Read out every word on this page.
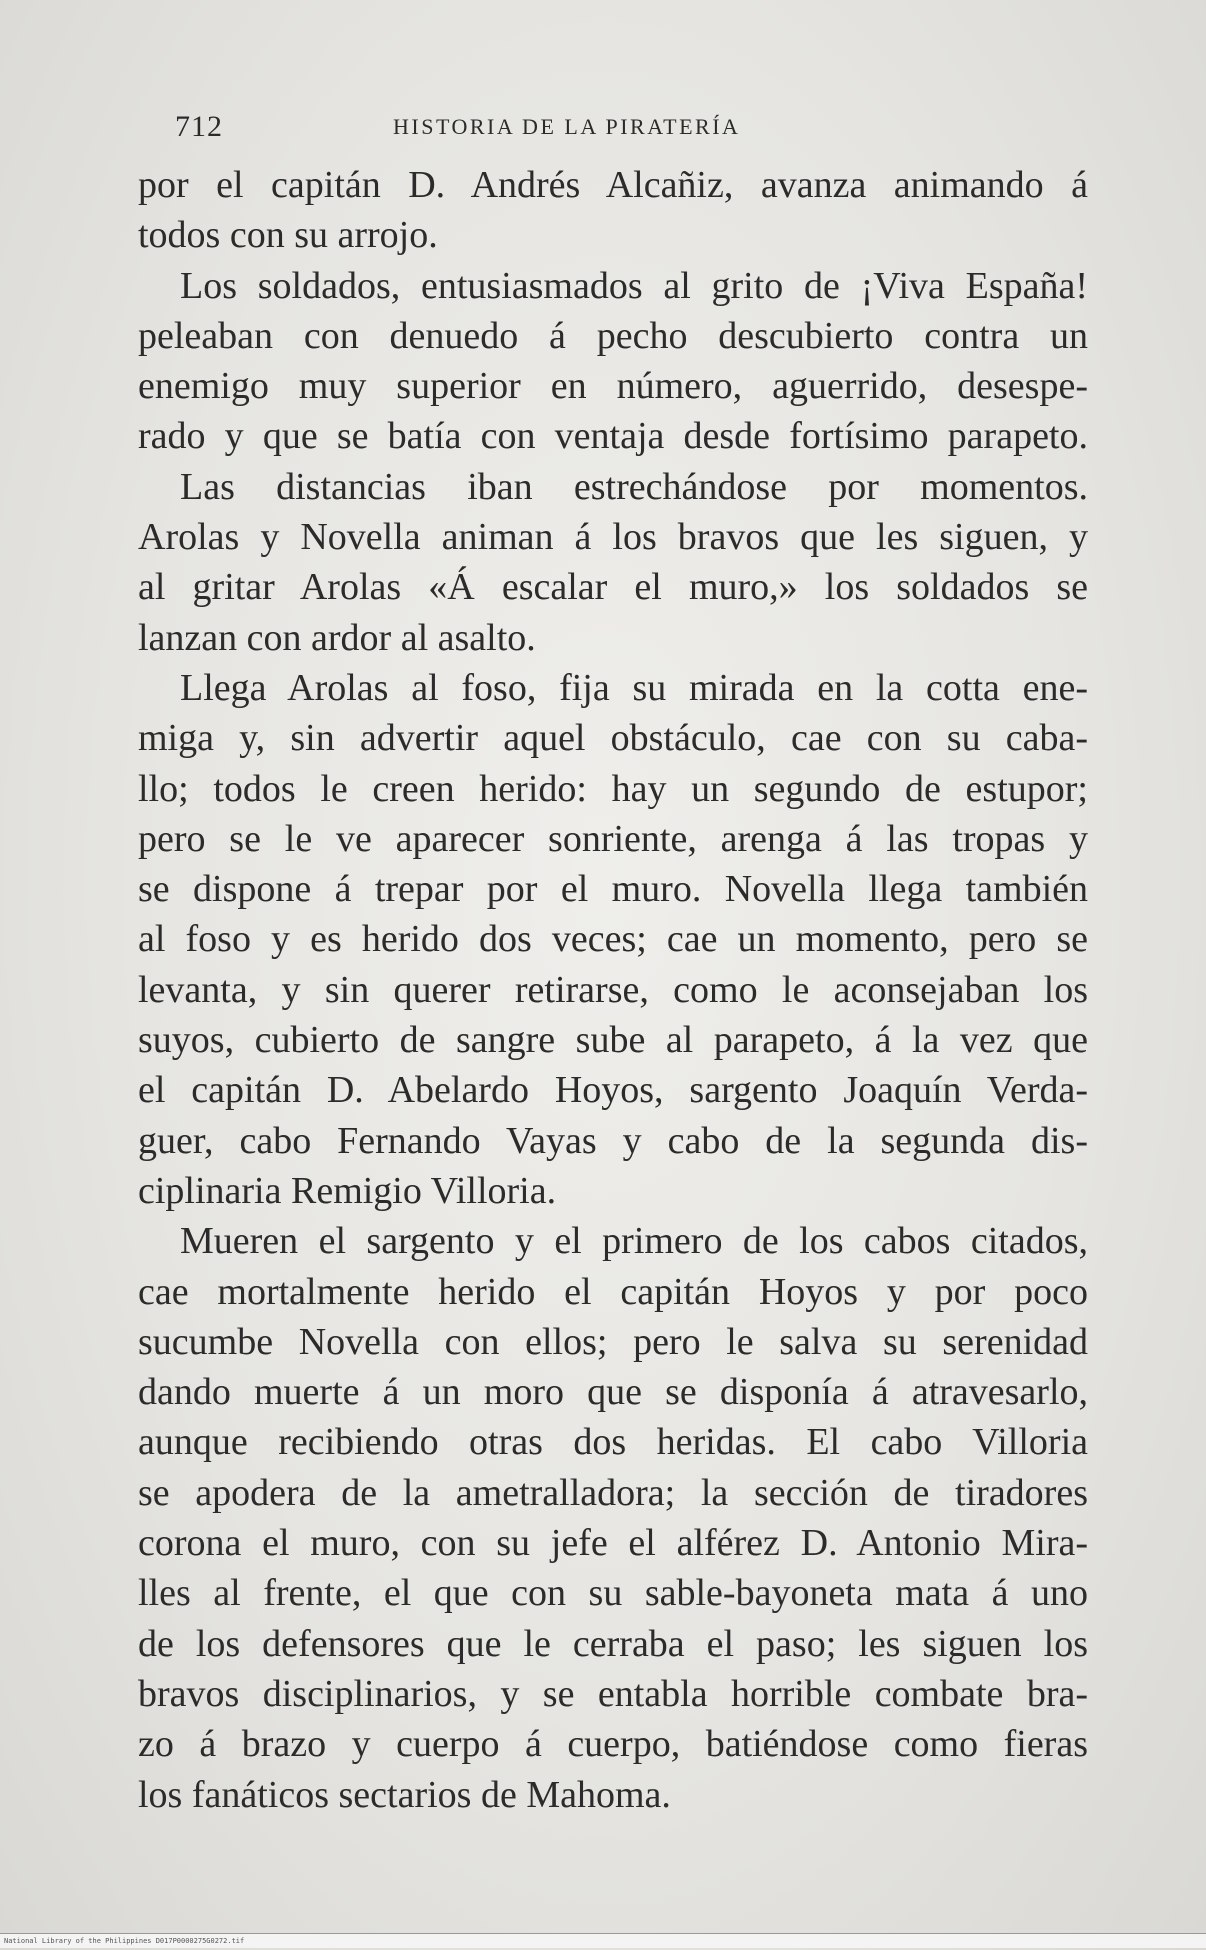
712	HISTORIA DE LA PIRATERÍA
por el capitán D. Andrés Alcañiz, avanza animando á
todos con su arrojo.
Los soldados, entusiasmados al grito de ¡Viva España!
peleaban con denuedo á pecho descubierto contra un
enemigo muy superior en número, aguerrido, desespe-
rado y que se batía con ventaja desde fortísimo parapeto.
Las distancias iban estrechándose por momentos.
Arolas y Novella animan á los bravos que les siguen, y
al gritar Arolas «Á escalar el muro,» los soldados se
lanzan con ardor al asalto.
Llega Arolas al foso, fija su mirada en la cotta ene-
miga y, sin advertir aquel obstáculo, cae con su caba-
llo; todos le creen herido: hay un segundo de estupor;
pero se le ve aparecer sonriente, arenga á las tropas y
se dispone á trepar por el muro. Novella llega también
al foso y es herido dos veces; cae un momento, pero se
levanta, y sin querer retirarse, como le aconsejaban los
suyos, cubierto de sangre sube al parapeto, á la vez que
el capitán D. Abelardo Hoyos, sargento Joaquín Verda-
guer, cabo Fernando Vayas y cabo de la segunda dis-
ciplinaria Remigio Villoria.
Mueren el sargento y el primero de los cabos citados,
cae mortalmente herido el capitán Hoyos y por poco
sucumbe Novella con ellos; pero le salva su serenidad
dando muerte á un moro que se disponía á atravesarlo,
aunque recibiendo otras dos heridas. El cabo Villoria
se apodera de la ametralladora; la sección de tiradores
corona el muro, con su jefe el alférez D. Antonio Mira-
lles al frente, el que con su sable-bayoneta mata á uno
de los defensores que le cerraba el paso; les siguen los
bravos disciplinarios, y se entabla horrible combate bra-
zo á brazo y cuerpo á cuerpo, batiéndose como fieras
los fanáticos sectarios de Mahoma.
National Library of the Philippines D017P0000275G0272.tif
